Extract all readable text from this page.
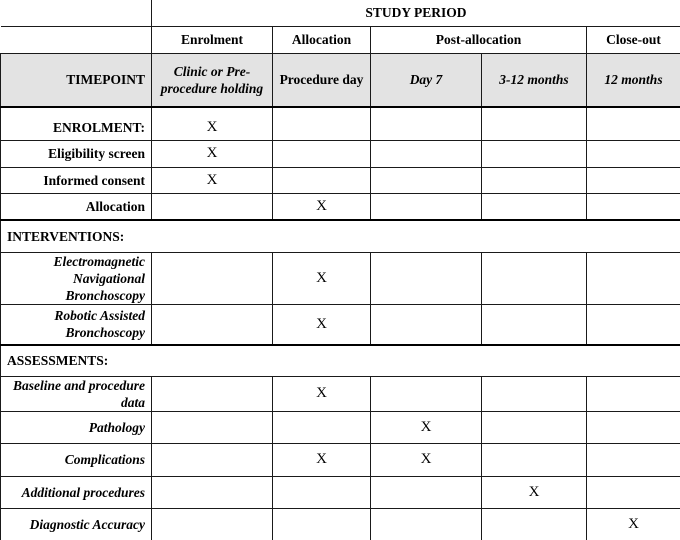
	STUDY PERIOD				
	Enrolment	Allocation	Post-allocation		Close-out
TIMEPOINT	Clinic or Pre-procedure holding	Procedure day	Day 7	3-12 months	12 months

ENROLMENT:	X				
Eligibility screen	X				
Informed consent	X				
Allocation		X			
INTERVENTIONS:					
Electromagnetic Navigational Bronchoscopy		X			
Robotic Assisted Bronchoscopy		X			
ASSESSMENTS:					
Baseline and procedure data		X			
Pathology			X		
Complications		X	X		
Additional procedures				X	
Diagnostic Accuracy					X
